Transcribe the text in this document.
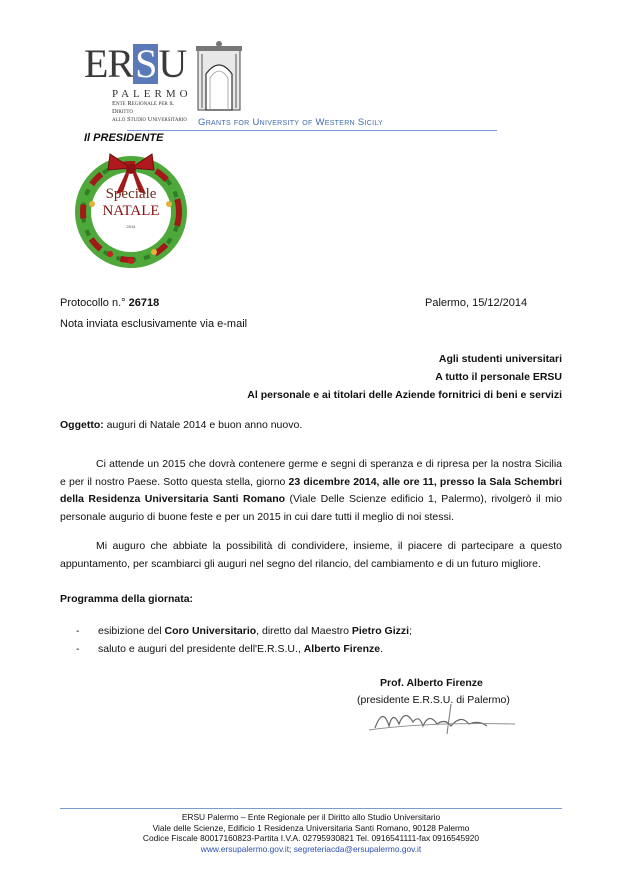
ERSU
PALERMO
Ente Regionale per il Diritto
allo Studio Universitario	Grants for University of Western Sicily
Il PRESIDENTE
Speciale
NATALE
2014
Protocollo n.° 26718	Palermo, 15/12/2014
Nota inviata esclusivamente via e-mail
Agli studenti universitari
A tutto il personale ERSU
Al personale e ai titolari delle Aziende fornitrici di beni e servizi
Oggetto: auguri di Natale 2014 e buon anno nuovo.
Ci attende un 2015 che dovrà contenere germe e segni di speranza e di ripresa per la nostra Sicilia e per il nostro Paese. Sotto questa stella, giorno 23 dicembre 2014, alle ore 11, presso la Sala Schembri della Residenza Universitaria Santi Romano (Viale Delle Scienze edificio 1, Palermo), rivolgerò il mio personale augurio di buone feste e per un 2015 in cui dare tutti il meglio di noi stessi.
Mi auguro che abbiate la possibilità di condividere, insieme, il piacere di partecipare a questo appuntamento, per scambiarci gli auguri nel segno del rilancio, del cambiamento e di un futuro migliore.
Programma della giornata:
- esibizione del Coro Universitario, diretto dal Maestro Pietro Gizzi;
- saluto e auguri del presidente dell'E.R.S.U., Alberto Firenze.
Prof. Alberto Firenze
(presidente E.R.S.U. di Palermo)
ERSU Palermo – Ente Regionale per il Diritto allo Studio Universitario
Viale delle Scienze, Edificio 1 Residenza Universitaria Santi Romano, 90128 Palermo
Codice Fiscale 80017160823-Partita I.V.A. 02795930821 Tel. 0916541111-fax 0916545920
www.ersupalermo.gov.it; segreteriacda@ersupalermo.gov.it
